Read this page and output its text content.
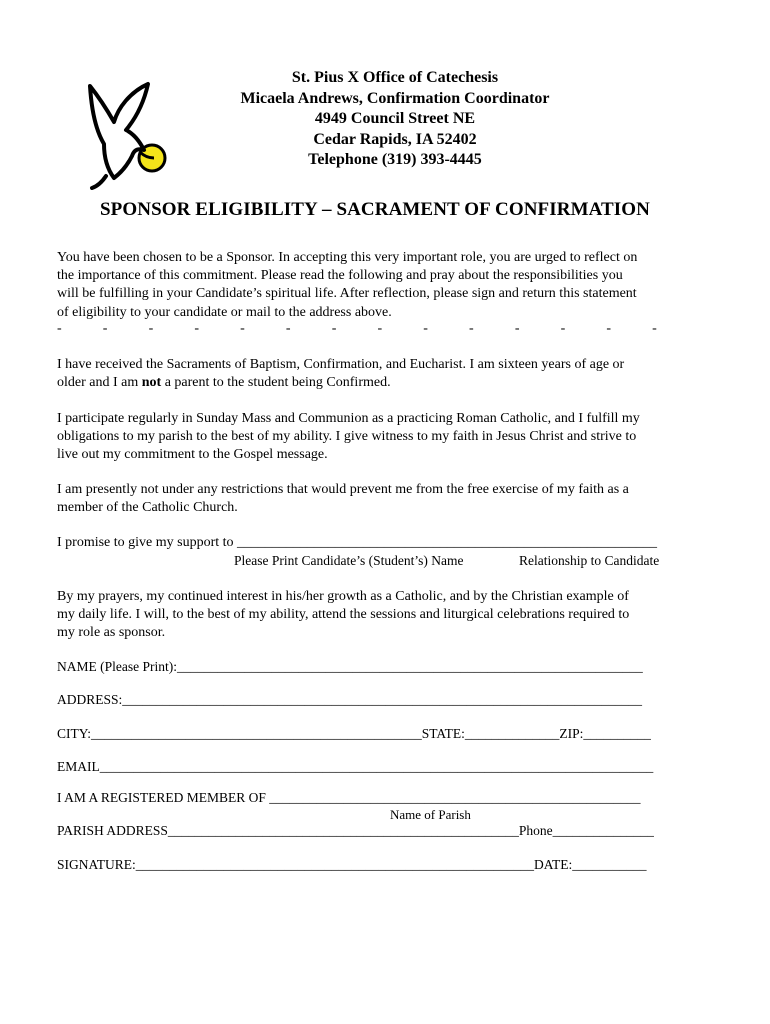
St. Pius X Office of Catechesis
Micaela Andrews, Confirmation Coordinator
4949 Council Street NE
Cedar Rapids, IA 52402
Telephone (319) 393-4445
SPONSOR ELIGIBILITY – SACRAMENT OF CONFIRMATION
You have been chosen to be a Sponsor. In accepting this very important role, you are urged to reflect on
the importance of this commitment. Please read the following and pray about the responsibilities you
will be fulfilling in your Candidate’s spiritual life. After reflection, please sign and return this statement
of eligibility to your candidate or mail to the address above.
-	-	-	-	-	-	-	-	-	-	-	-	-	-
I have received the Sacraments of Baptism, Confirmation, and Eucharist. I am sixteen years of age or
older and I am not a parent to the student being Confirmed.
I participate regularly in Sunday Mass and Communion as a practicing Roman Catholic, and I fulfill my
obligations to my parish to the best of my ability. I give witness to my faith in Jesus Christ and strive to
live out my commitment to the Gospel message.
I am presently not under any restrictions that would prevent me from the free exercise of my faith as a
member of the Catholic Church.
I promise to give my support to ____________________________________________________________
Please Print Candidate’s (Student’s) Name	Relationship to Candidate
By my prayers, my continued interest in his/her growth as a Catholic, and by the Christian example of
my daily life. I will, to the best of my ability, attend the sessions and liturgical celebrations required to
my role as sponsor.
NAME (Please Print):_____________________________________________________________________
ADDRESS:_____________________________________________________________________________
CITY:_________________________________________________STATE:______________ZIP:__________
EMAIL__________________________________________________________________________________
I AM A REGISTERED MEMBER OF _______________________________________________________
Name of Parish
PARISH ADDRESS____________________________________________________Phone_______________
SIGNATURE:___________________________________________________________DATE:___________
